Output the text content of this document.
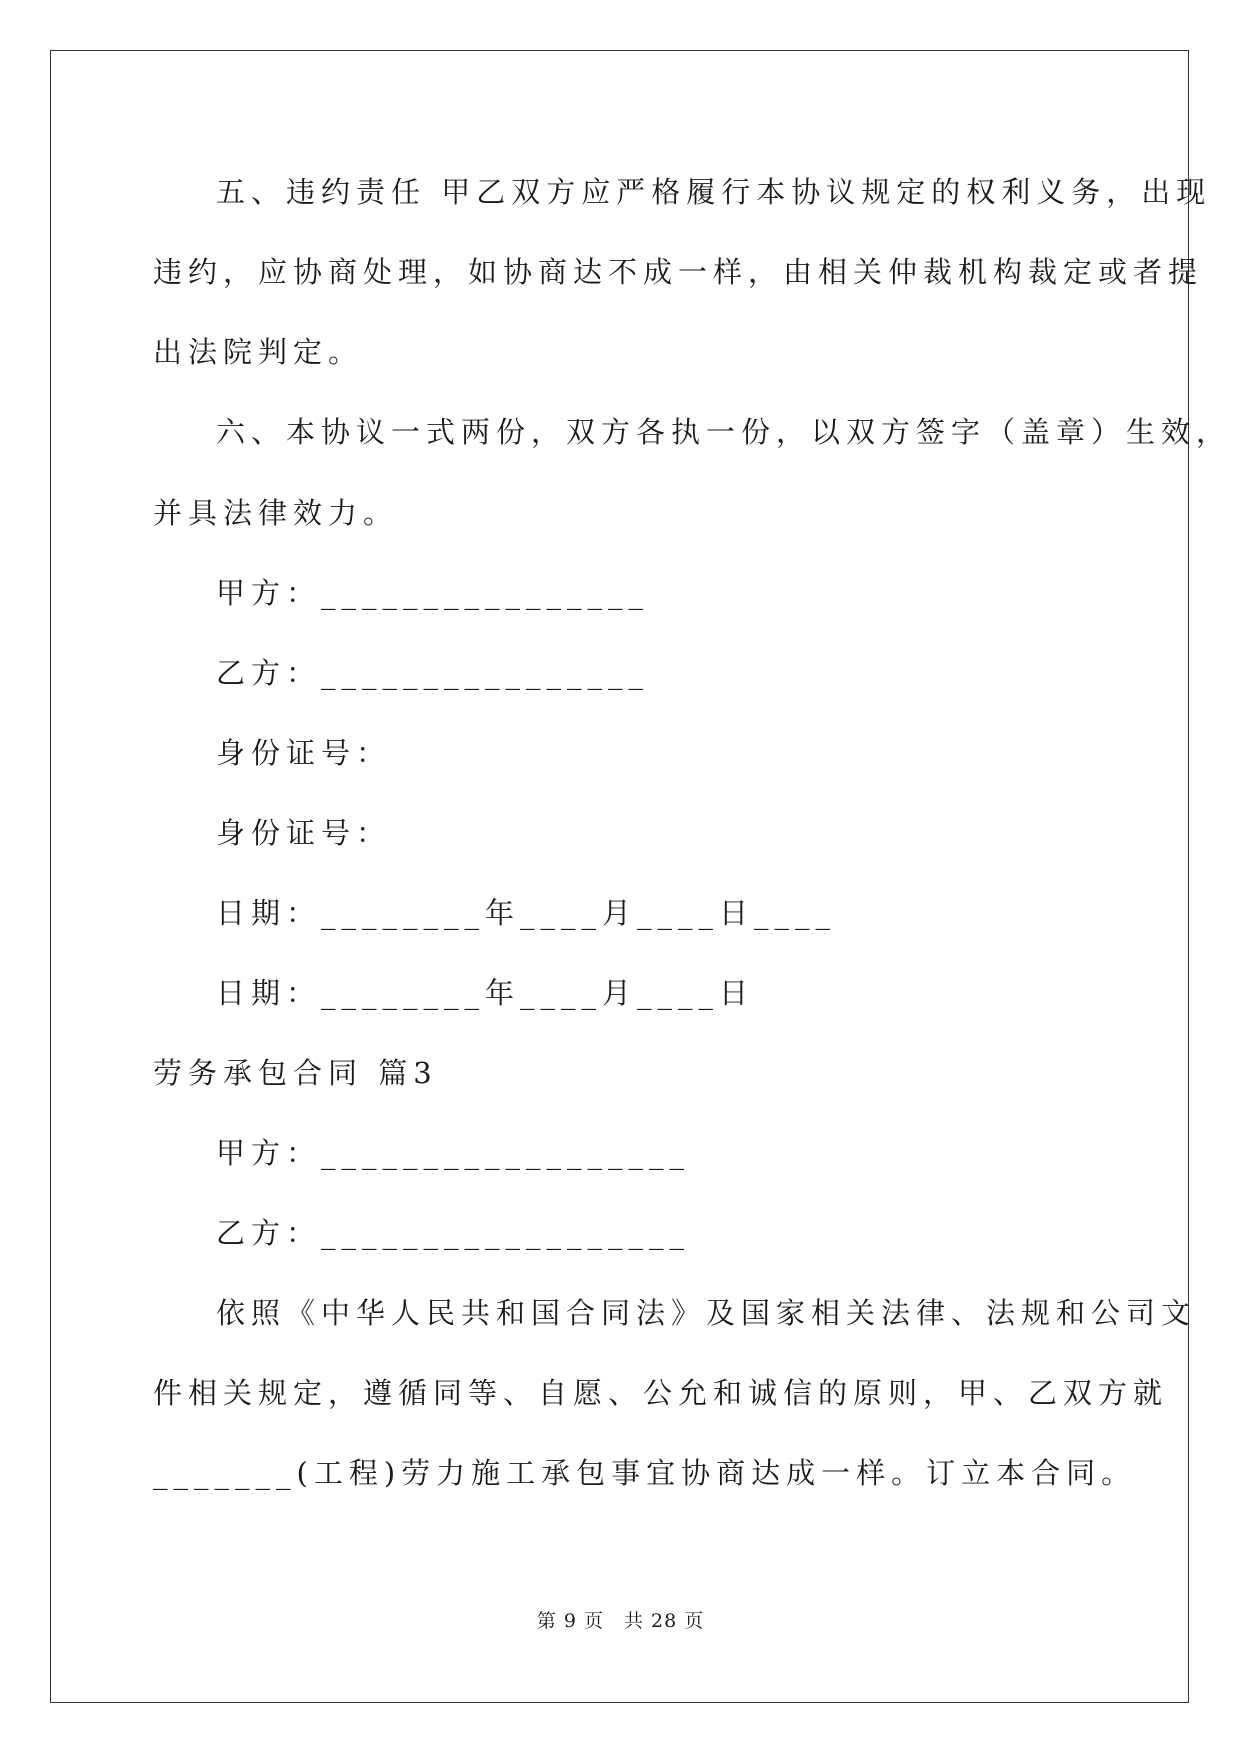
五、违约责任 甲乙双方应严格履行本协议规定的权利义务，出现
违约，应协商处理，如协商达不成一样，由相关仲裁机构裁定或者提
出法院判定。
六、本协议一式两份，双方各执一份，以双方签字（盖章）生效，
并具法律效力。
甲方：________________
乙方：________________
身份证号：
身份证号：
日期：________年____月____日____
日期：________年____月____日
劳务承包合同 篇3
甲方：__________________
乙方：__________________
依照《中华人民共和国合同法》及国家相关法律、法规和公司文
件相关规定，遵循同等、自愿、公允和诚信的原则，甲、乙双方就
_______(工程)劳力施工承包事宜协商达成一样。订立本合同。
第 9 页　共 28 页
